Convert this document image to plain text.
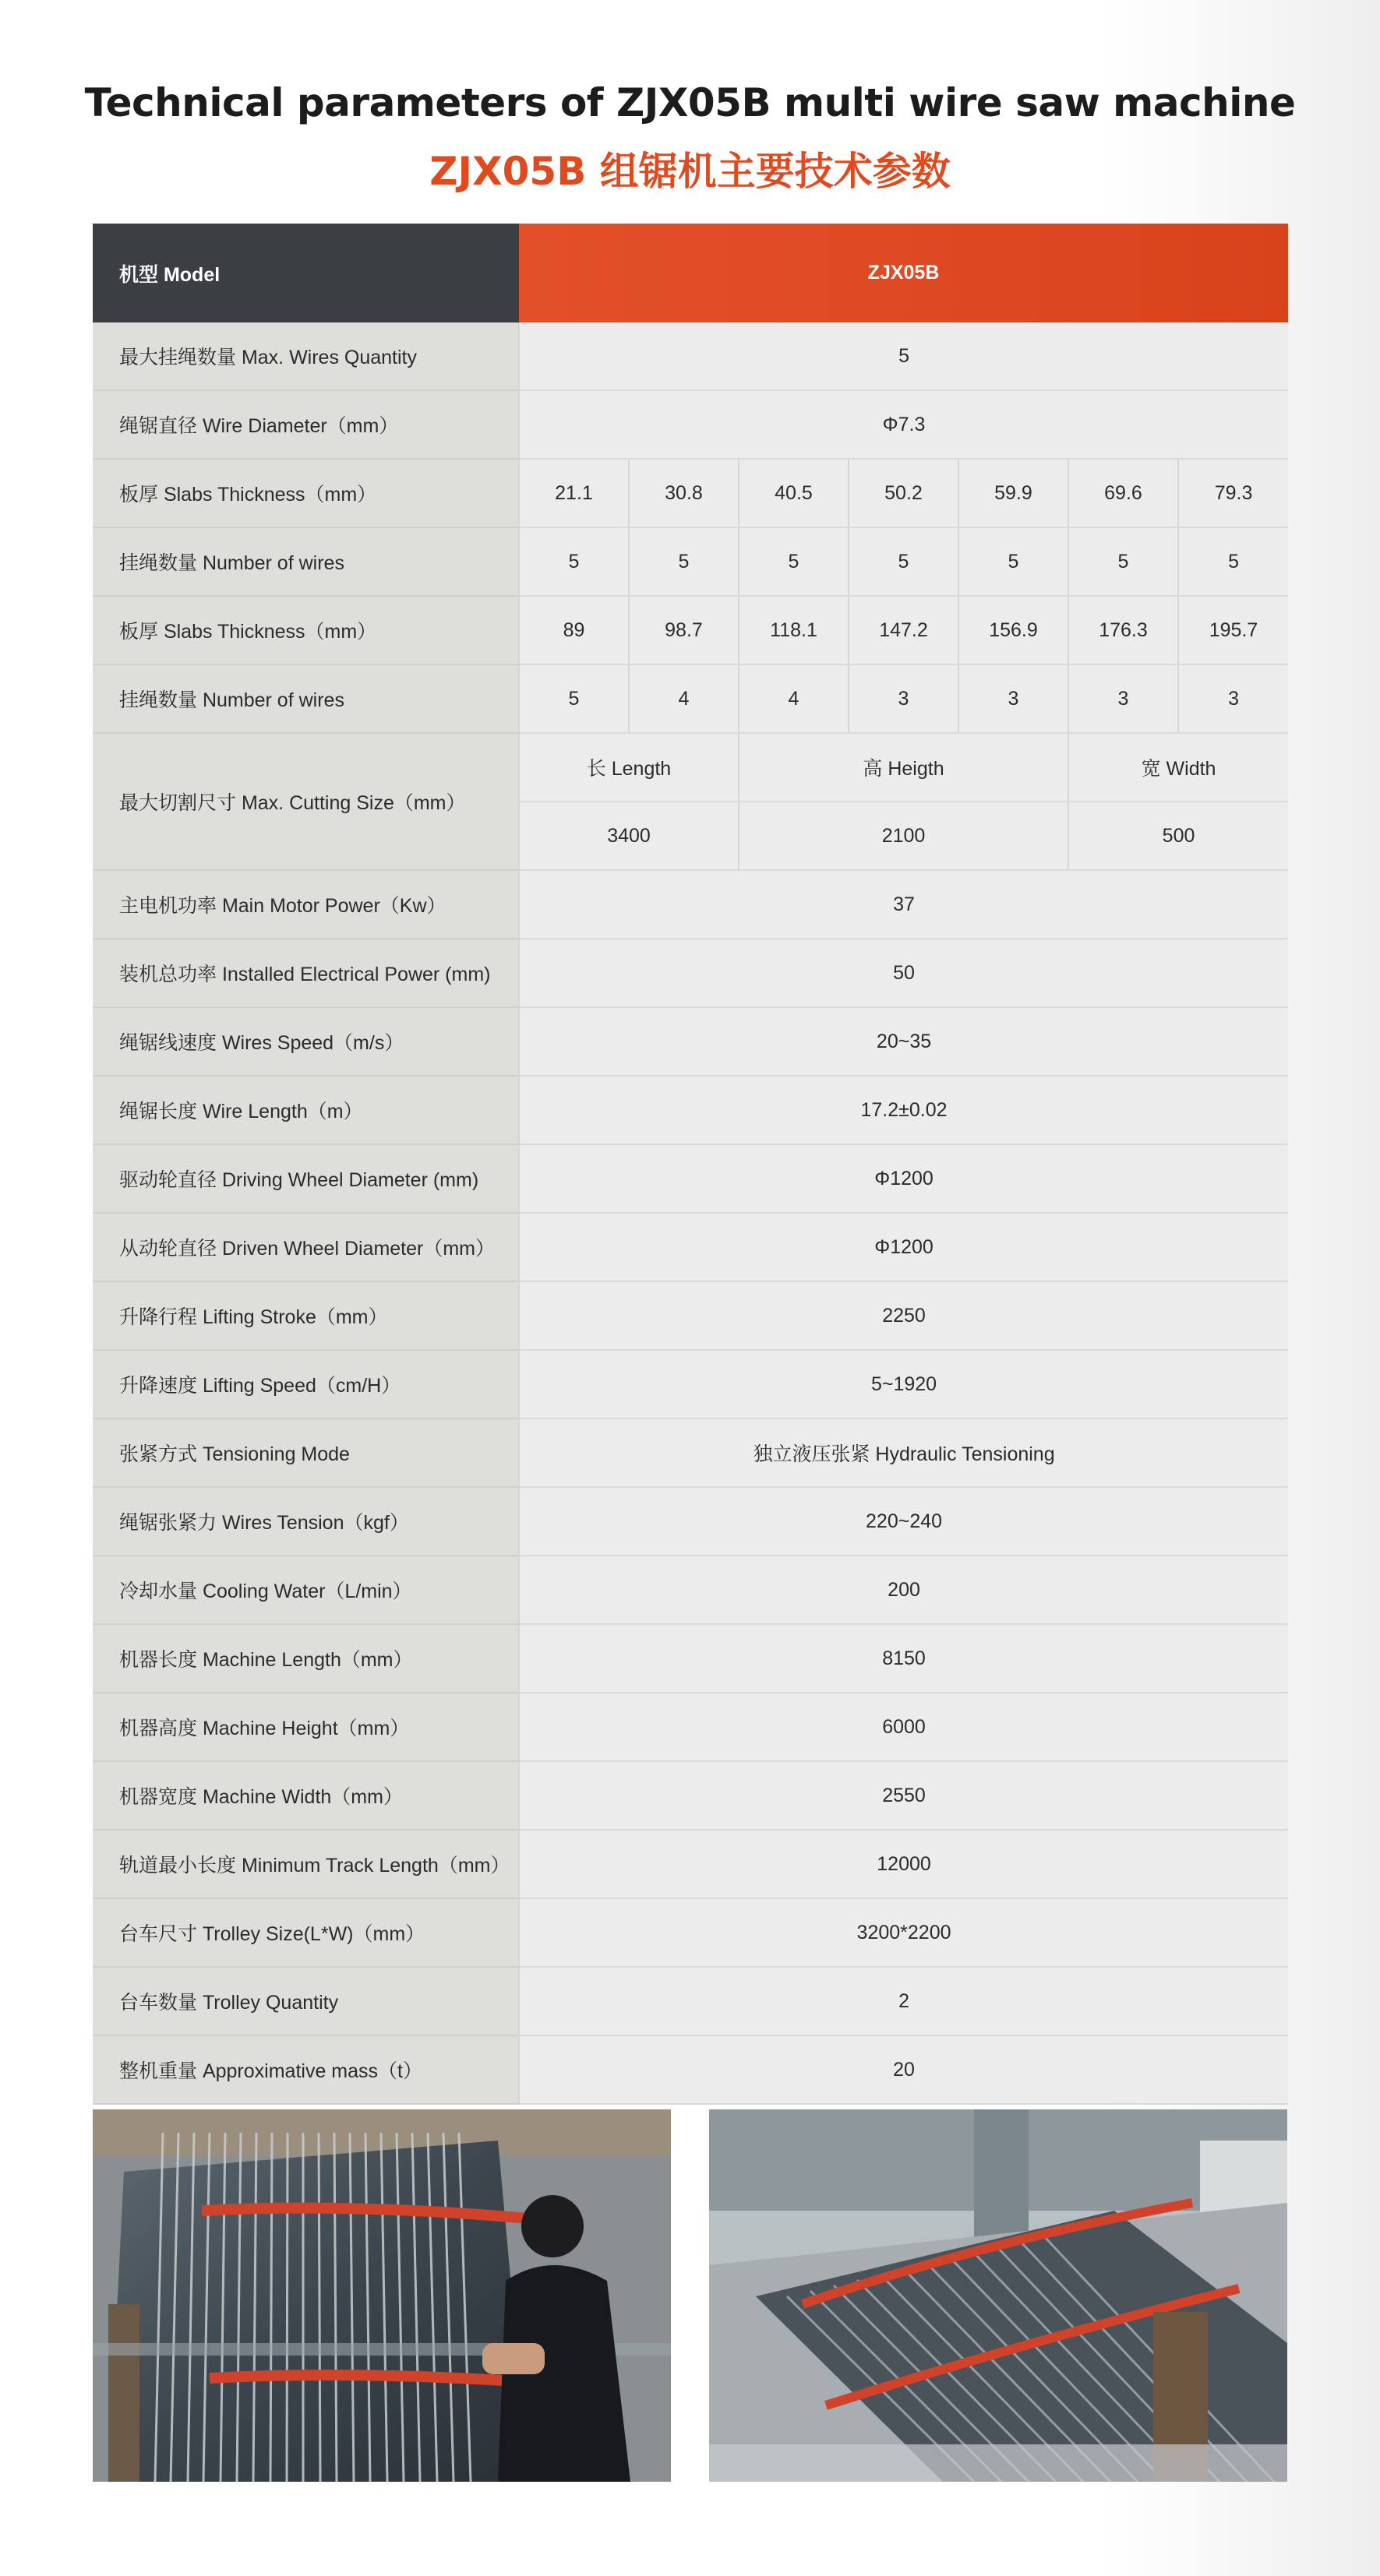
Technical parameters of ZJX05B multi wire saw machine
ZJX05B 组锯机主要技术参数
机型 Model	ZJX05B						
最大挂绳数量 Max. Wires Quantity	5						
绳锯直径 Wire Diameter（mm）	Φ7.3						
板厚 Slabs Thickness（mm）	21.1	30.8	40.5	50.2	59.9	69.6	79.3
挂绳数量 Number of wires	5	5	5	5	5	5	5
板厚 Slabs Thickness（mm）	89	98.7	118.1	147.2	156.9	176.3	195.7
挂绳数量 Number of wires	5	4	4	3	3	3	3
最大切割尺寸 Max. Cutting Size（mm）	长 Length		高 Heigth			宽 Width	
	3400		2100			500	
主电机功率 Main Motor Power（Kw）	37						
装机总功率 Installed Electrical Power (mm)	50						
绳锯线速度 Wires Speed（m/s）	20~35						
绳锯长度 Wire Length（m）	17.2±0.02						
驱动轮直径 Driving Wheel Diameter (mm)	Φ1200						
从动轮直径 Driven Wheel Diameter（mm）	Φ1200						
升降行程 Lifting Stroke（mm）	2250						
升降速度 Lifting Speed（cm/H）	5~1920						
张紧方式 Tensioning Mode	独立液压张紧 Hydraulic Tensioning						
绳锯张紧力 Wires Tension（kgf）	220~240						
冷却水量 Cooling Water（L/min）	200						
机器长度 Machine Length（mm）	8150						
机器高度 Machine Height（mm）	6000						
机器宽度 Machine Width（mm）	2550						
轨道最小长度 Minimum Track Length（mm）	12000						
台车尺寸 Trolley Size(L*W)（mm）	3200*2200						
台车数量 Trolley Quantity	2						
整机重量 Approximative mass（t）	20						
